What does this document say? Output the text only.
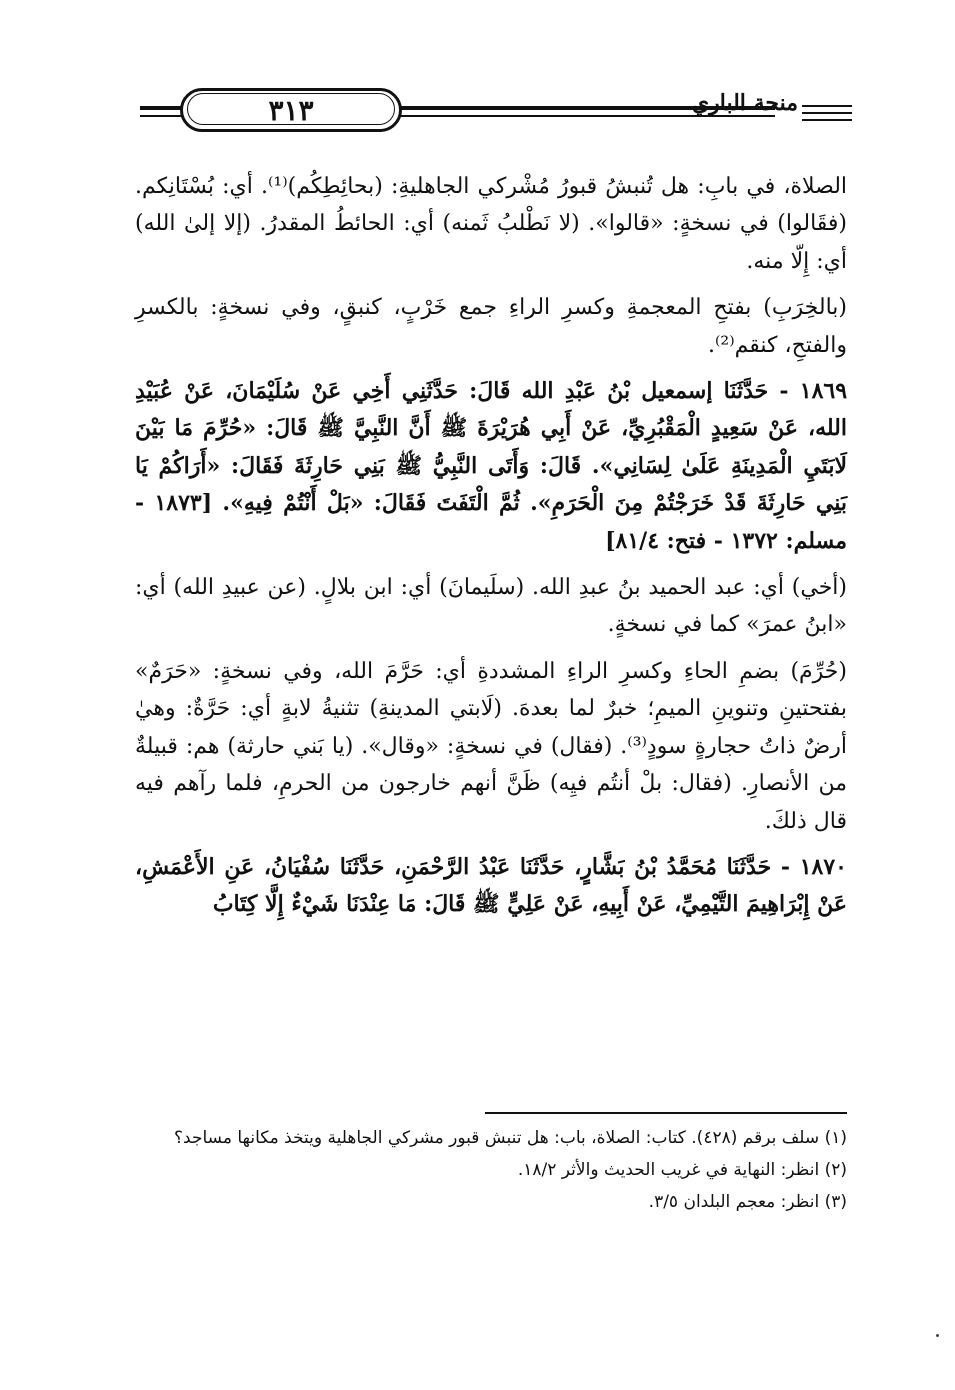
٣١٣	منحة الباري

الصلاة، في بابِ: هل تُنبشُ قبورُ مُشْركي الجاهليةِ: (بحائِطِكُم)⁽¹⁾. أي: بُسْتَانِكم. (فقَالوا) في نسخةٍ: «قالوا». (لا نَطْلبُ ثَمنه) أي: الحائطُ المقدرُ. (إلا إلىٰ الله) أي: إِلّا منه.

(بالخِرَبِ) بفتحِ المعجمةِ وكسرِ الراءِ جمع خَرْبٍ، كنبقٍ، وفي نسخةٍ: بالكسرِ والفتحِ، كنقم⁽²⁾.

١٨٦٩ - حَدَّثَنَا إسمعيل بْنُ عَبْدِ الله قَالَ: حَدَّثَنِي أَخِي عَنْ سُلَيْمَانَ، عَنْ عُبَيْدِ الله، عَنْ سَعِيدٍ الْمَقْبُرِيِّ، عَنْ أَبِي هُرَيْرَةَ ﷺ أَنَّ النَّبِيَّ ﷺ قَالَ: «حُرِّمَ مَا بَيْنَ لَابَتَيِ الْمَدِينَةِ عَلَىٰ لِسَانِي». قَالَ: وَأَتَى النَّبِيُّ ﷺ بَنِي حَارِثَةَ فَقَالَ: «أَرَاكُمْ يَا بَنِي حَارِثَةَ قَدْ خَرَجْتُمْ مِنَ الْحَرَمِ». ثُمَّ الْتَفَتَ فَقَالَ: «بَلْ أَنْتُمْ فِيهِ». [١٨٧٣ - مسلم: ١٣٧٢ - فتح: ٨١/٤]

(أخي) أي: عبد الحميد بنُ عبدِ الله. (سلَيمانَ) أي: ابن بلالٍ. (عن عبيدِ الله) أي: «ابنُ عمرَ» كما في نسخةٍ.

(حُرِّمَ) بضمِ الحاءِ وكسرِ الراءِ المشددةِ أي: حَرَّمَ الله، وفي نسخةٍ: «حَرَمٌ» بفتحتينِ وتنوينِ الميمِ؛ خبرٌ لما بعدهَ. (لَابتي المدينةِ) تثنيةُ لابةٍ أي: حَرَّةٌ: وهيٰ أرضٌ ذاتُ حجارةٍ سودٍ⁽³⁾. (فقال) في نسخةٍ: «وقال». (يا بَني حارثة) هم: قبيلةٌ من الأنصارِ. (فقال: بلْ أنتُم فيِه) ظَنَّ أنهم خارجون من الحرمِ، فلما رآهم فيه قال ذلكَ.

١٨٧٠ - حَدَّثَنَا مُحَمَّدُ بْنُ بَشَّارٍ، حَدَّثَنَا عَبْدُ الرَّحْمَنِ، حَدَّثَنَا سُفْيَانُ، عَنِ الأَعْمَشِ، عَنْ إِبْرَاهِيمَ التَّيْمِيِّ، عَنْ أَبِيهِ، عَنْ عَلِيٍّ ﷺ قَالَ: مَا عِنْدَنَا شَيْءٌ إِلَّا كِتَابُ

(١) سلف برقم (٤٢٨). كتاب: الصلاة، باب: هل تنبش قبور مشركي الجاهلية ويتخذ مكانها مساجد؟

(٢) انظر: النهاية في غريب الحديث والأثر ١٨/٢.

(٣) انظر: معجم البلدان ٣/٥.
